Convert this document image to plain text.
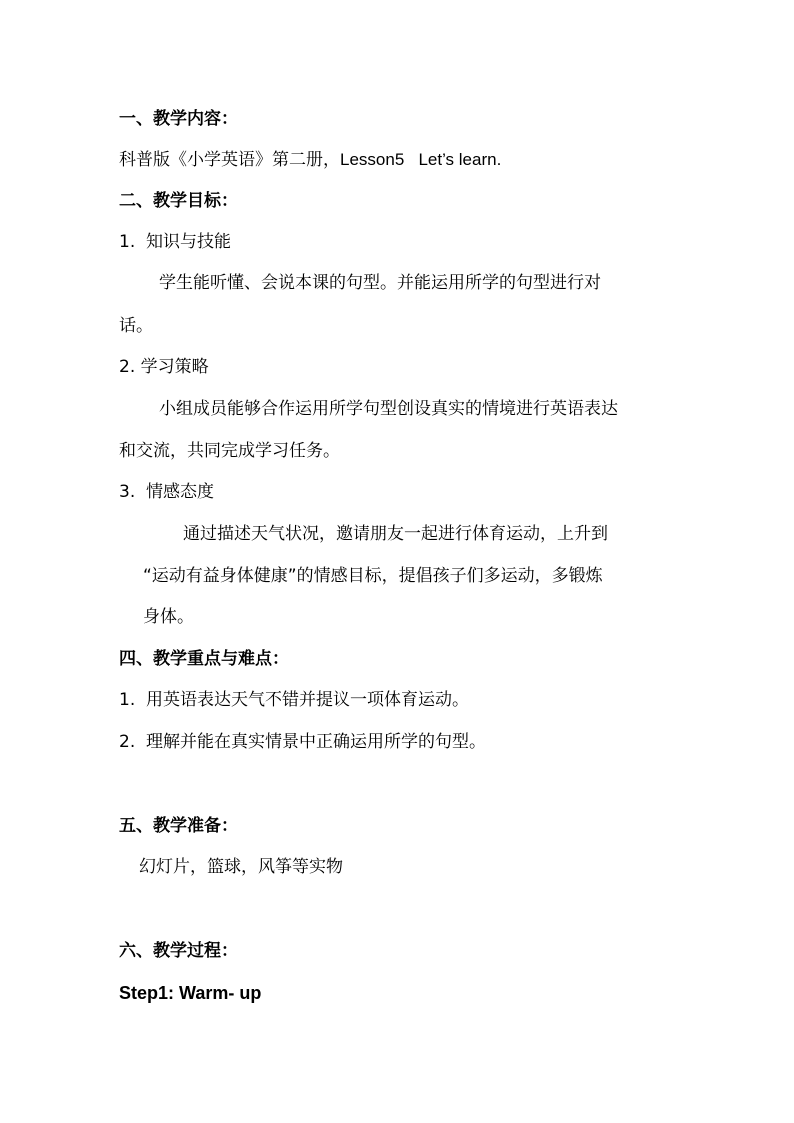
一、教学内容：
科普版《小学英语》第二册，Lesson5   Let’s learn.
二、教学目标：
1.  知识与技能
学生能听懂、会说本课的句型。并能运用所学的句型进行对
话。
2. 学习策略
小组成员能够合作运用所学句型创设真实的情境进行英语表达
和交流，共同完成学习任务。
3.  情感态度
通过描述天气状况，邀请朋友一起进行体育运动，上升到
“运动有益身体健康”的情感目标，提倡孩子们多运动，多锻炼
身体。
四、教学重点与难点：
1.  用英语表达天气不错并提议一项体育运动。
2.  理解并能在真实情景中正确运用所学的句型。
五、教学准备：
幻灯片，篮球，风筝等实物
六、教学过程：
Step1: Warm- up
